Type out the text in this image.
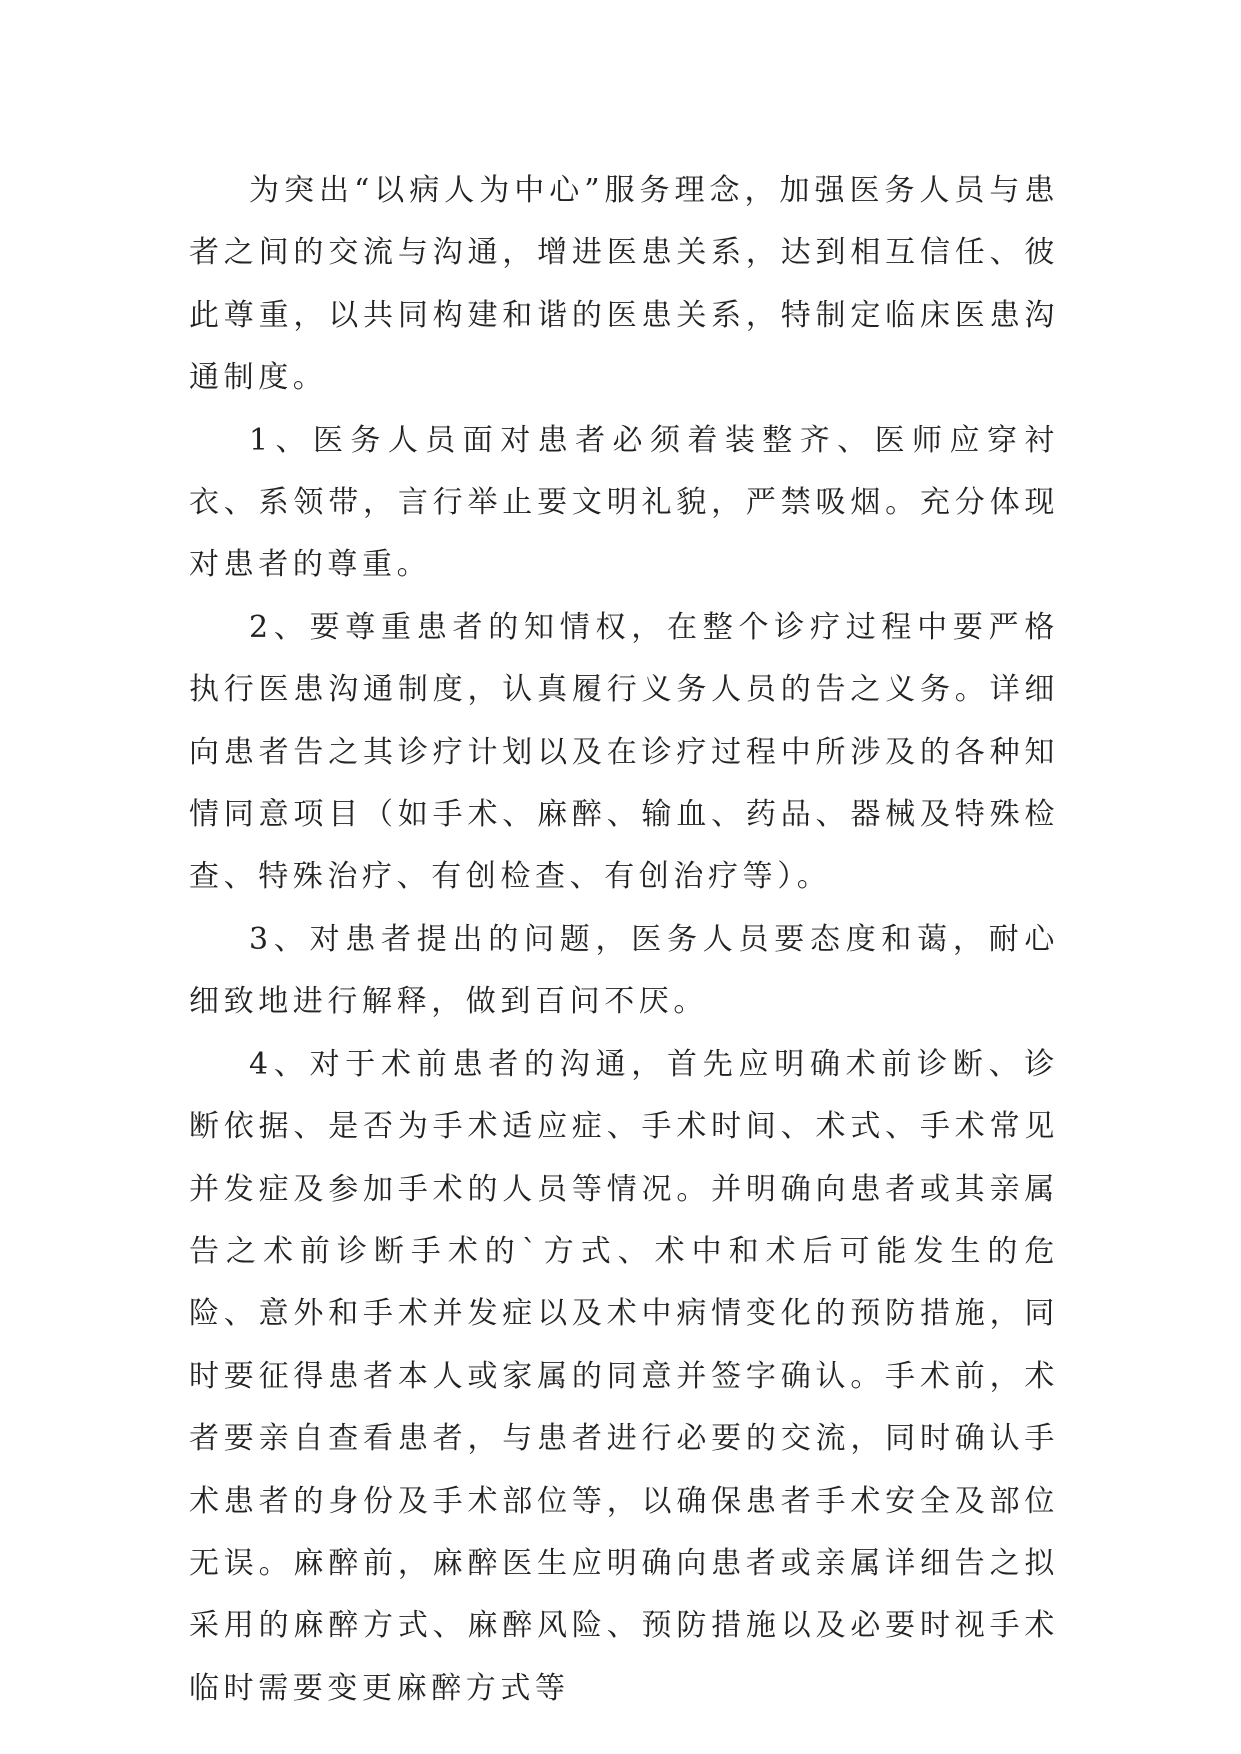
为突出“以病人为中心”服务理念，加强医务人员与患者之间的交流与沟通，增进医患关系，达到相互信任、彼此尊重，以共同构建和谐的医患关系，特制定临床医患沟通制度。

1、医务人员面对患者必须着装整齐、医师应穿衬衣、系领带，言行举止要文明礼貌，严禁吸烟。充分体现对患者的尊重。

2、要尊重患者的知情权，在整个诊疗过程中要严格执行医患沟通制度，认真履行义务人员的告之义务。详细向患者告之其诊疗计划以及在诊疗过程中所涉及的各种知情同意项目（如手术、麻醉、输血、药品、器械及特殊检查、特殊治疗、有创检查、有创治疗等）。

3、对患者提出的问题，医务人员要态度和蔼，耐心细致地进行解释，做到百问不厌。

4、对于术前患者的沟通，首先应明确术前诊断、诊断依据、是否为手术适应症、手术时间、术式、手术常见并发症及参加手术的人员等情况。并明确向患者或其亲属告之术前诊断手术的`方式、术中和术后可能发生的危险、意外和手术并发症以及术中病情变化的预防措施，同时要征得患者本人或家属的同意并签字确认。手术前，术者要亲自查看患者，与患者进行必要的交流，同时确认手术患者的身份及手术部位等，以确保患者手术安全及部位无误。麻醉前，麻醉医生应明确向患者或亲属详细告之拟采用的麻醉方式、麻醉风险、预防措施以及必要时视手术临时需要变更麻醉方式等
